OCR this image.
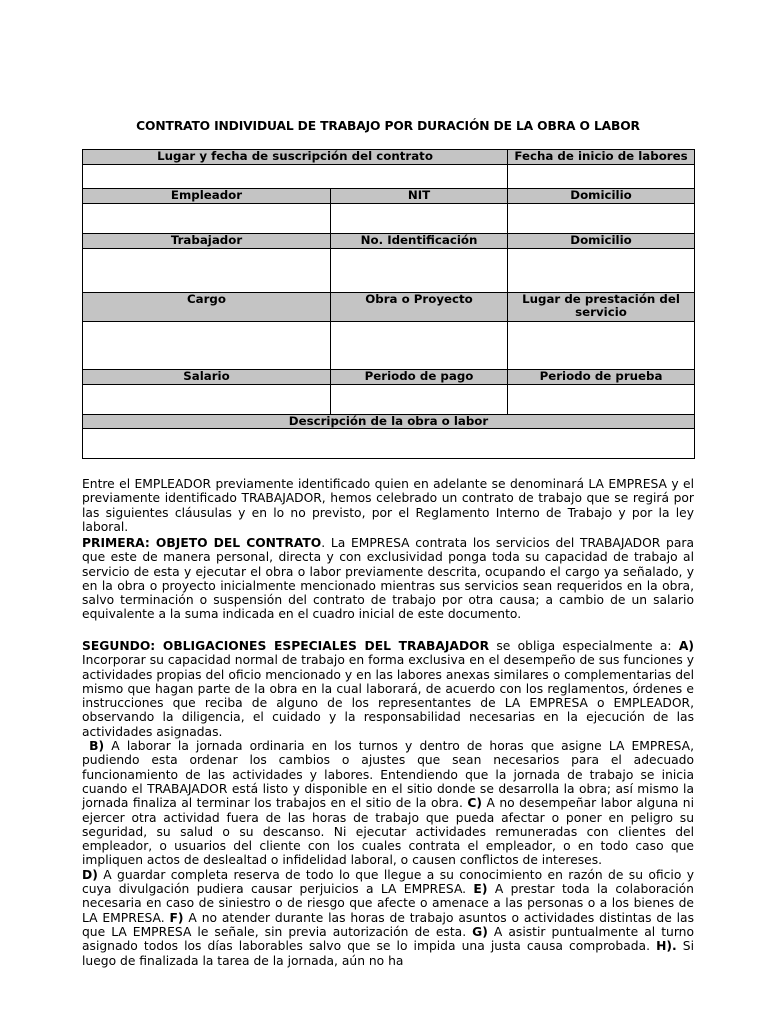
CONTRATO INDIVIDUAL DE TRABAJO POR DURACIÓN DE LA OBRA O LABOR
Lugar y fecha de suscripción del contrato		Fecha de inicio de labores

Empleador	NIT	Domicilio

Trabajador	No. Identificación	Domicilio

Cargo	Obra o Proyecto	Lugar de prestación del servicio

Salario	Periodo de pago	Periodo de prueba

Descripción de la obra o labor		

Entre el EMPLEADOR previamente identificado quien en adelante se denominará LA EMPRESA y el previamente identificado TRABAJADOR, hemos celebrado un contrato de trabajo que se regirá por las siguientes cláusulas y en lo no previsto, por el Reglamento Interno de Trabajo y por la ley laboral.

PRIMERA: OBJETO DEL CONTRATO. La EMPRESA contrata los servicios del TRABAJADOR para que este de manera personal, directa y con exclusividad ponga toda su capacidad de trabajo al servicio de esta y ejecutar el obra o labor previamente descrita, ocupando el cargo ya señalado, y en la obra o proyecto inicialmente mencionado mientras sus servicios sean requeridos en la obra, salvo terminación o suspensión del contrato de trabajo por otra causa; a cambio de un salario equivalente a la suma indicada en el cuadro inicial de este documento.

SEGUNDO: OBLIGACIONES ESPECIALES DEL TRABAJADOR se obliga especialmente a: A) Incorporar su capacidad normal de trabajo en forma exclusiva en el desempeño de sus funciones y actividades propias del oficio mencionado y en las labores anexas similares o complementarias del mismo que hagan parte de la obra en la cual laborará, de acuerdo con los reglamentos, órdenes e instrucciones que reciba de alguno de los representantes de LA EMPRESA o EMPLEADOR, observando la diligencia, el cuidado y la responsabilidad necesarias en la ejecución de las actividades asignadas.

B) A laborar la jornada ordinaria en los turnos y dentro de horas que asigne LA EMPRESA, pudiendo esta ordenar los cambios o ajustes que sean necesarios para el adecuado funcionamiento de las actividades y labores. Entendiendo que la jornada de trabajo se inicia cuando el TRABAJADOR está listo y disponible en el sitio donde se desarrolla la obra; así mismo la jornada finaliza al terminar los trabajos en el sitio de la obra. C) A no desempeñar labor alguna ni ejercer otra actividad fuera de las horas de trabajo que pueda afectar o poner en peligro su seguridad, su salud o su descanso. Ni ejecutar actividades remuneradas con clientes del empleador, o usuarios del cliente con los cuales contrata el empleador, o en todo caso que impliquen actos de deslealtad o infidelidad laboral, o causen conflictos de intereses.

D) A guardar completa reserva de todo lo que llegue a su conocimiento en razón de su oficio y cuya divulgación pudiera causar perjuicios a LA EMPRESA. E) A prestar toda la colaboración necesaria en caso de siniestro o de riesgo que afecte o amenace a las personas o a los bienes de LA EMPRESA. F) A no atender durante las horas de trabajo asuntos o actividades distintas de las que LA EMPRESA le señale, sin previa autorización de esta. G) A asistir puntualmente al turno asignado todos los días laborables salvo que se lo impida una justa causa comprobada. H). Si luego de finalizada la tarea de la jornada, aún no ha
